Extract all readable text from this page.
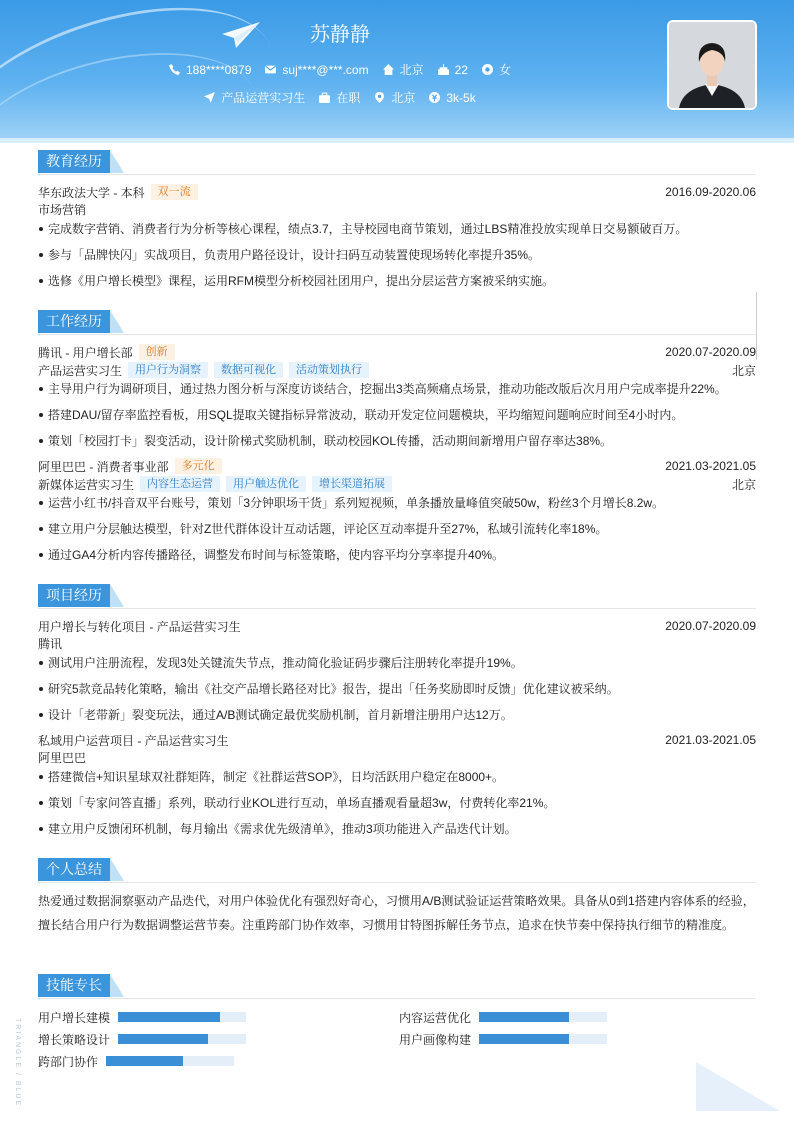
苏静静
188****0879	suj****@***.com	北京	22	女
产品运营实习生	在职	北京	3k-5k
教育经历
华东政法大学 - 本科	双一流	2016.09-2020.06
市场营销
完成数字营销、消费者行为分析等核心课程，绩点3.7，主导校园电商节策划，通过LBS精准投放实现单日交易额破百万。
参与「品牌快闪」实战项目，负责用户路径设计，设计扫码互动装置使现场转化率提升35%。
选修《用户增长模型》课程，运用RFM模型分析校园社团用户，提出分层运营方案被采纳实施。
工作经历
腾讯 - 用户增长部	创新	2020.07-2020.09
产品运营实习生	用户行为洞察	数据可视化	活动策划执行	北京
主导用户行为调研项目，通过热力图分析与深度访谈结合，挖掘出3类高频痛点场景，推动功能改版后次月用户完成率提升22%。
搭建DAU/留存率监控看板，用SQL提取关键指标异常波动，联动开发定位问题模块，平均缩短问题响应时间至4小时内。
策划「校园打卡」裂变活动，设计阶梯式奖励机制，联动校园KOL传播，活动期间新增用户留存率达38%。
阿里巴巴 - 消费者事业部	多元化	2021.03-2021.05
新媒体运营实习生	内容生态运营	用户触达优化	增长渠道拓展	北京
运营小红书/抖音双平台账号，策划「3分钟职场干货」系列短视频，单条播放量峰值突破50w，粉丝3个月增长8.2w。
建立用户分层触达模型，针对Z世代群体设计互动话题，评论区互动率提升至27%，私域引流转化率18%。
通过GA4分析内容传播路径，调整发布时间与标签策略，使内容平均分享率提升40%。
项目经历
用户增长与转化项目 - 产品运营实习生	2020.07-2020.09
腾讯
测试用户注册流程，发现3处关键流失节点，推动简化验证码步骤后注册转化率提升19%。
研究5款竞品转化策略，输出《社交产品增长路径对比》报告，提出「任务奖励即时反馈」优化建议被采纳。
设计「老带新」裂变玩法，通过A/B测试确定最优奖励机制，首月新增注册用户达12万。
私域用户运营项目 - 产品运营实习生	2021.03-2021.05
阿里巴巴
搭建微信+知识星球双社群矩阵，制定《社群运营SOP》，日均活跃用户稳定在8000+。
策划「专家问答直播」系列，联动行业KOL进行互动，单场直播观看量超3w，付费转化率21%。
建立用户反馈闭环机制，每月输出《需求优先级清单》，推动3项功能进入产品迭代计划。
个人总结
热爱通过数据洞察驱动产品迭代，对用户体验优化有强烈好奇心，习惯用A/B测试验证运营策略效果。具备从0到1搭建内容体系的经验，擅长结合用户行为数据调整运营节奏。注重跨部门协作效率，习惯用甘特图拆解任务节点，追求在快节奏中保持执行细节的精准度。
技能专长
用户增长建模	内容运营优化
增长策略设计	用户画像构建
跨部门协作
TRIANGLE / BLUE
